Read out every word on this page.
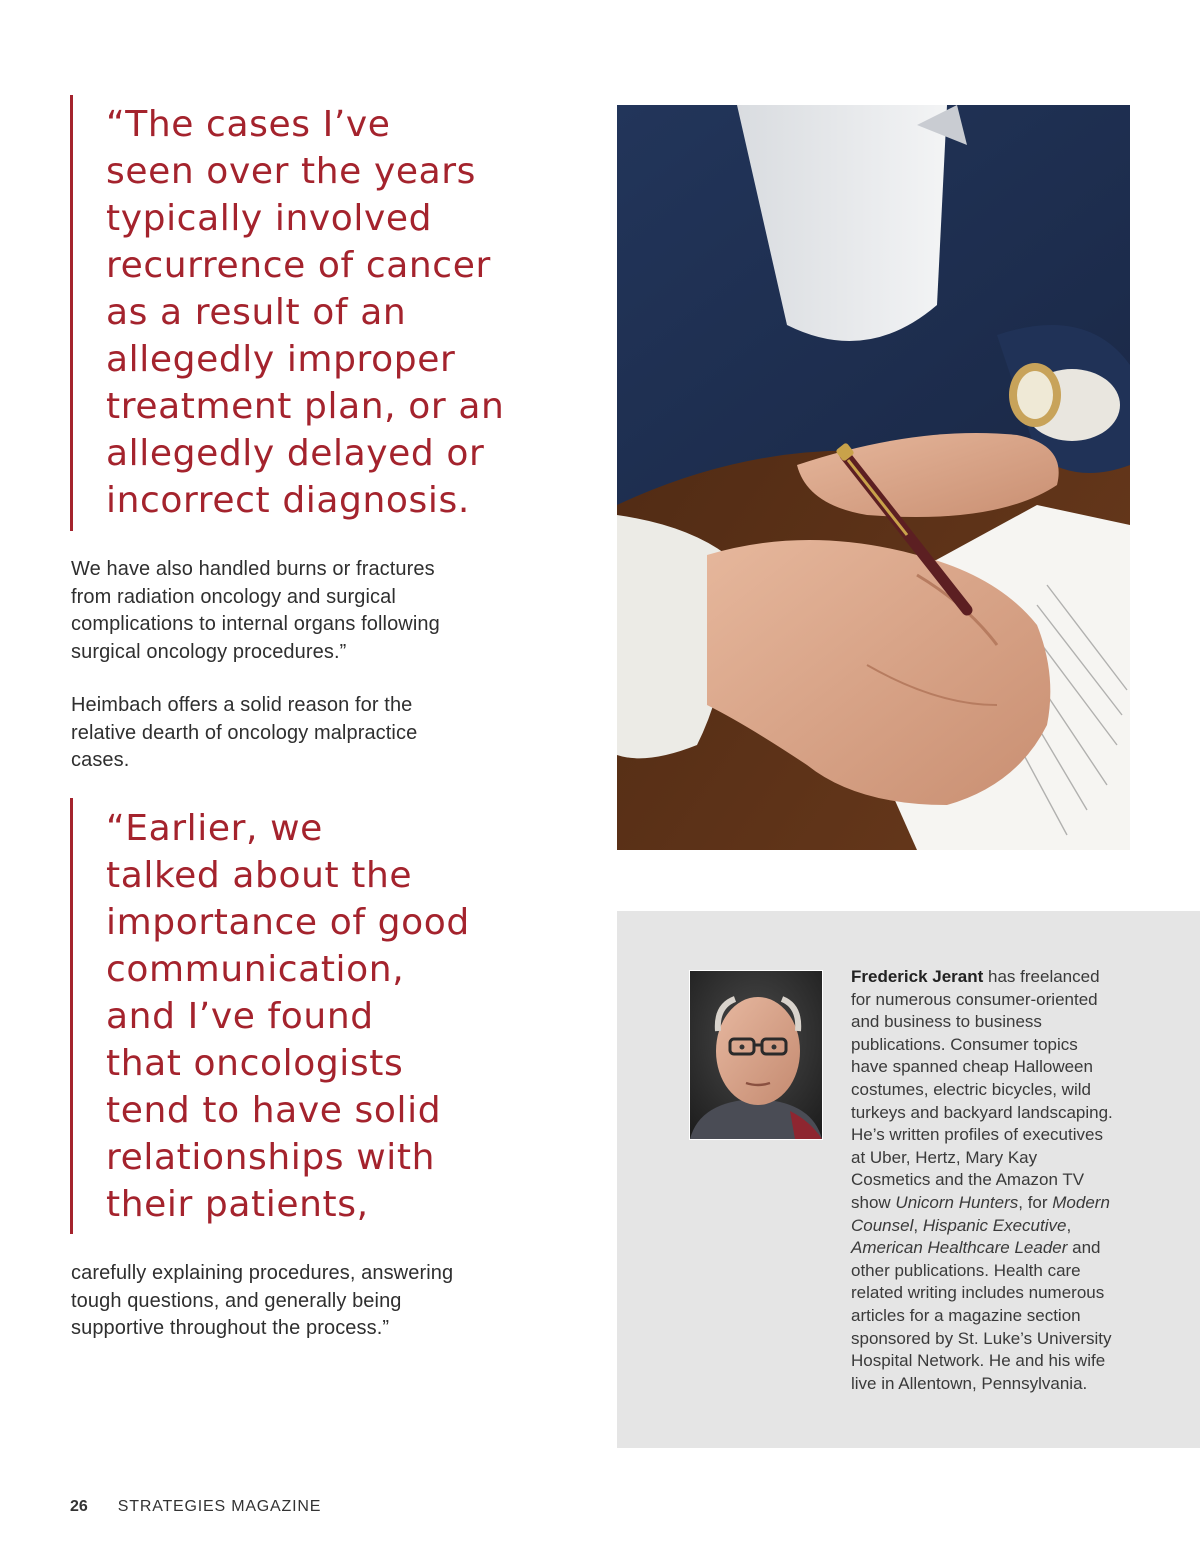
“The cases I’ve
seen over the years
typically involved
recurrence of cancer
as a result of an
allegedly improper
treatment plan, or an
allegedly delayed or
incorrect diagnosis.
We have also handled burns or fractures
from radiation oncology and surgical
complications to internal organs following
surgical oncology procedures.”
Heimbach offers a solid reason for the
relative dearth of oncology malpractice
cases.
“Earlier, we
talked about the
importance of good
communication,
and I’ve found
that oncologists
tend to have solid
relationships with
their patients,
carefully explaining procedures, answering
tough questions, and generally being
supportive throughout the process.”
Frederick Jerant has freelanced
for numerous consumer-oriented
and business to business
publications. Consumer topics
have spanned cheap Halloween
costumes, electric bicycles, wild
turkeys and backyard landscaping.
He’s written profiles of executives
at Uber, Hertz, Mary Kay
Cosmetics and the Amazon TV
show Unicorn Hunters, for Modern
Counsel, Hispanic Executive,
American Healthcare Leader and
other publications. Health care
related writing includes numerous
articles for a magazine section
sponsored by St. Luke’s University
Hospital Network. He and his wife
live in Allentown, Pennsylvania.
26 STRATEGIES MAGAZINE
